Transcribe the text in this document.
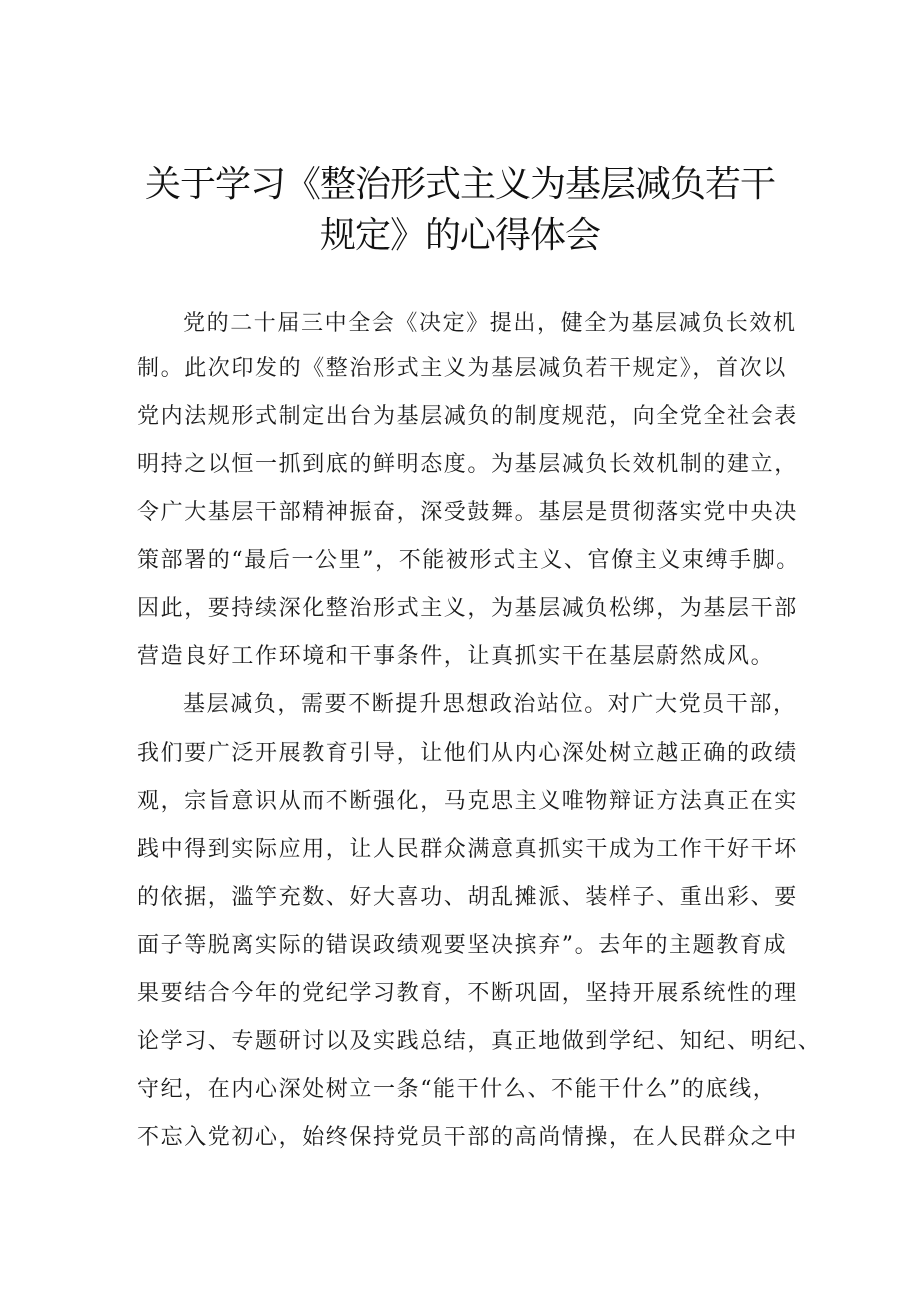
关于学习《整治形式主义为基层减负若干
规定》的心得体会
党的二十届三中全会《决定》提出，健全为基层减负长效机
制。此次印发的《整治形式主义为基层减负若干规定》，首次以
党内法规形式制定出台为基层减负的制度规范，向全党全社会表
明持之以恒一抓到底的鲜明态度。为基层减负长效机制的建立，
令广大基层干部精神振奋，深受鼓舞。基层是贯彻落实党中央决
策部署的“最后一公里”，不能被形式主义、官僚主义束缚手脚。
因此，要持续深化整治形式主义，为基层减负松绑，为基层干部
营造良好工作环境和干事条件，让真抓实干在基层蔚然成风。
基层减负，需要不断提升思想政治站位。对广大党员干部，
我们要广泛开展教育引导，让他们从内心深处树立越正确的政绩
观，宗旨意识从而不断强化，马克思主义唯物辩证方法真正在实
践中得到实际应用，让人民群众满意真抓实干成为工作干好干坏
的依据，滥竽充数、好大喜功、胡乱摊派、装样子、重出彩、要
面子等脱离实际的错误政绩观要坚决摈弃”。去年的主题教育成
果要结合今年的党纪学习教育，不断巩固，坚持开展系统性的理
论学习、专题研讨以及实践总结，真正地做到学纪、知纪、明纪、
守纪，在内心深处树立一条“能干什么、不能干什么”的底线，
不忘入党初心，始终保持党员干部的高尚情操，在人民群众之中
